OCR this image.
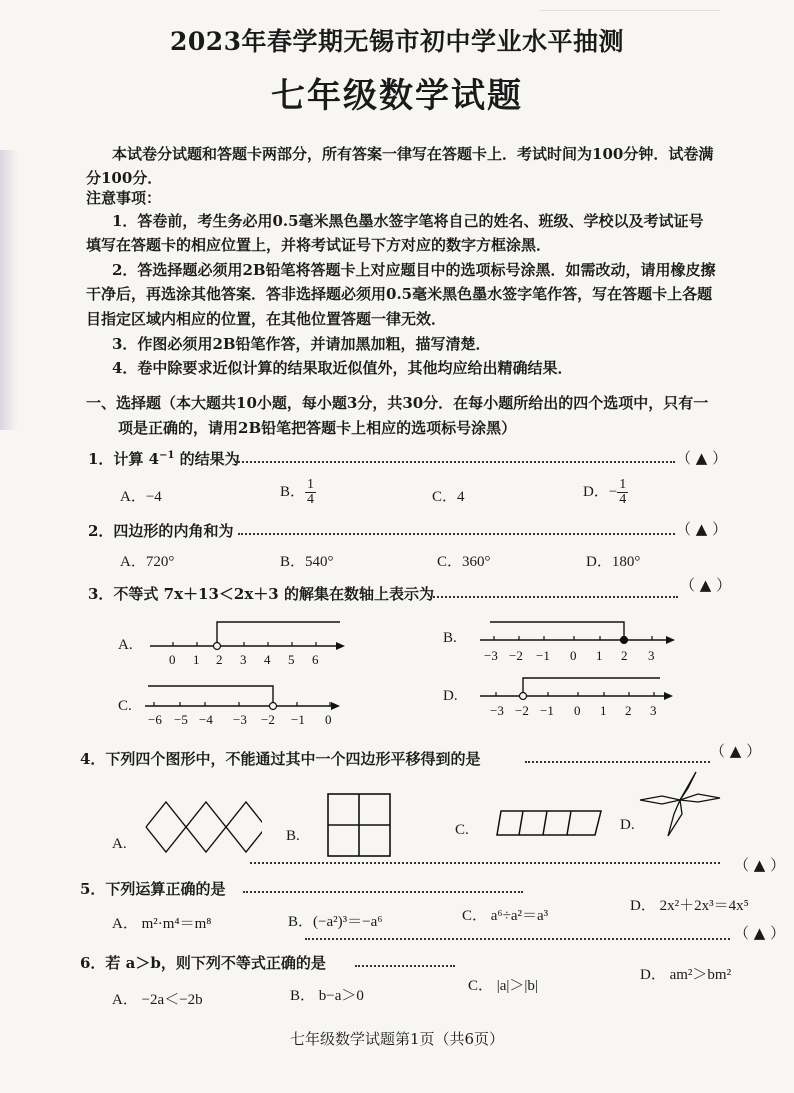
2023年春学期无锡市初中学业水平抽测
七年级数学试题
本试卷分试题和答题卡两部分，所有答案一律写在答题卡上．考试时间为100分钟．试卷满
分100分．
注意事项：
1．答卷前，考生务必用0.5毫米黑色墨水签字笔将自己的姓名、班级、学校以及考试证号
填写在答题卡的相应位置上，并将考试证号下方对应的数字方框涂黑．
2．答选择题必须用2B铅笔将答题卡上对应题目中的选项标号涂黑．如需改动，请用橡皮擦
干净后，再选涂其他答案．答非选择题必须用0.5毫米黑色墨水签字笔作答，写在答题卡上各题
目指定区域内相应的位置，在其他位置答题一律无效．
3．作图必须用2B铅笔作答，并请加黑加粗，描写清楚．
4．卷中除要求近似计算的结果取近似值外，其他均应给出精确结果．
一、选择题（本大题共10小题，每小题3分，共30分．在每小题所给出的四个选项中，只有一
项是正确的，请用2B铅笔把答题卡上相应的选项标号涂黑）
1．计算 $4^{-1}$ 的结果为	（ ▲ ）
A．−4	B． $\frac{1}{4}$	C．4	D．− $\frac{1}{4}$
2．四边形的内角和为	（ ▲ ）
A．720°	B．540°	C．360°	D．180°
3．不等式 7x＋13＜2x＋3 的解集在数轴上表示为	（ ▲ ）
A.
0 1 2 3 4 5 6
B.
−3 −2 −1 0 1 2 3
C.
−6 −5 −4 −3 −2 −1 0
D.
−3 −2 −1 0 1 2 3
4．下列四个图形中，不能通过其中一个四边形平移得到的是	（ ▲ ）
A.	B.	C.	D.
（ ▲ ）
5．下列运算正确的是
A． m²·m⁴＝m⁸	B．(−a²)³＝−a⁶	C． a⁶÷a²＝a³
D． 2x²＋2x³＝4x⁵
（ ▲ ）
6．若 a＞b，则下列不等式正确的是
A． −2a＜−2b	B． b−a＞0
C． |a|＞|b|
D． am²＞bm²
七年级数学试题第1页（共6页）
